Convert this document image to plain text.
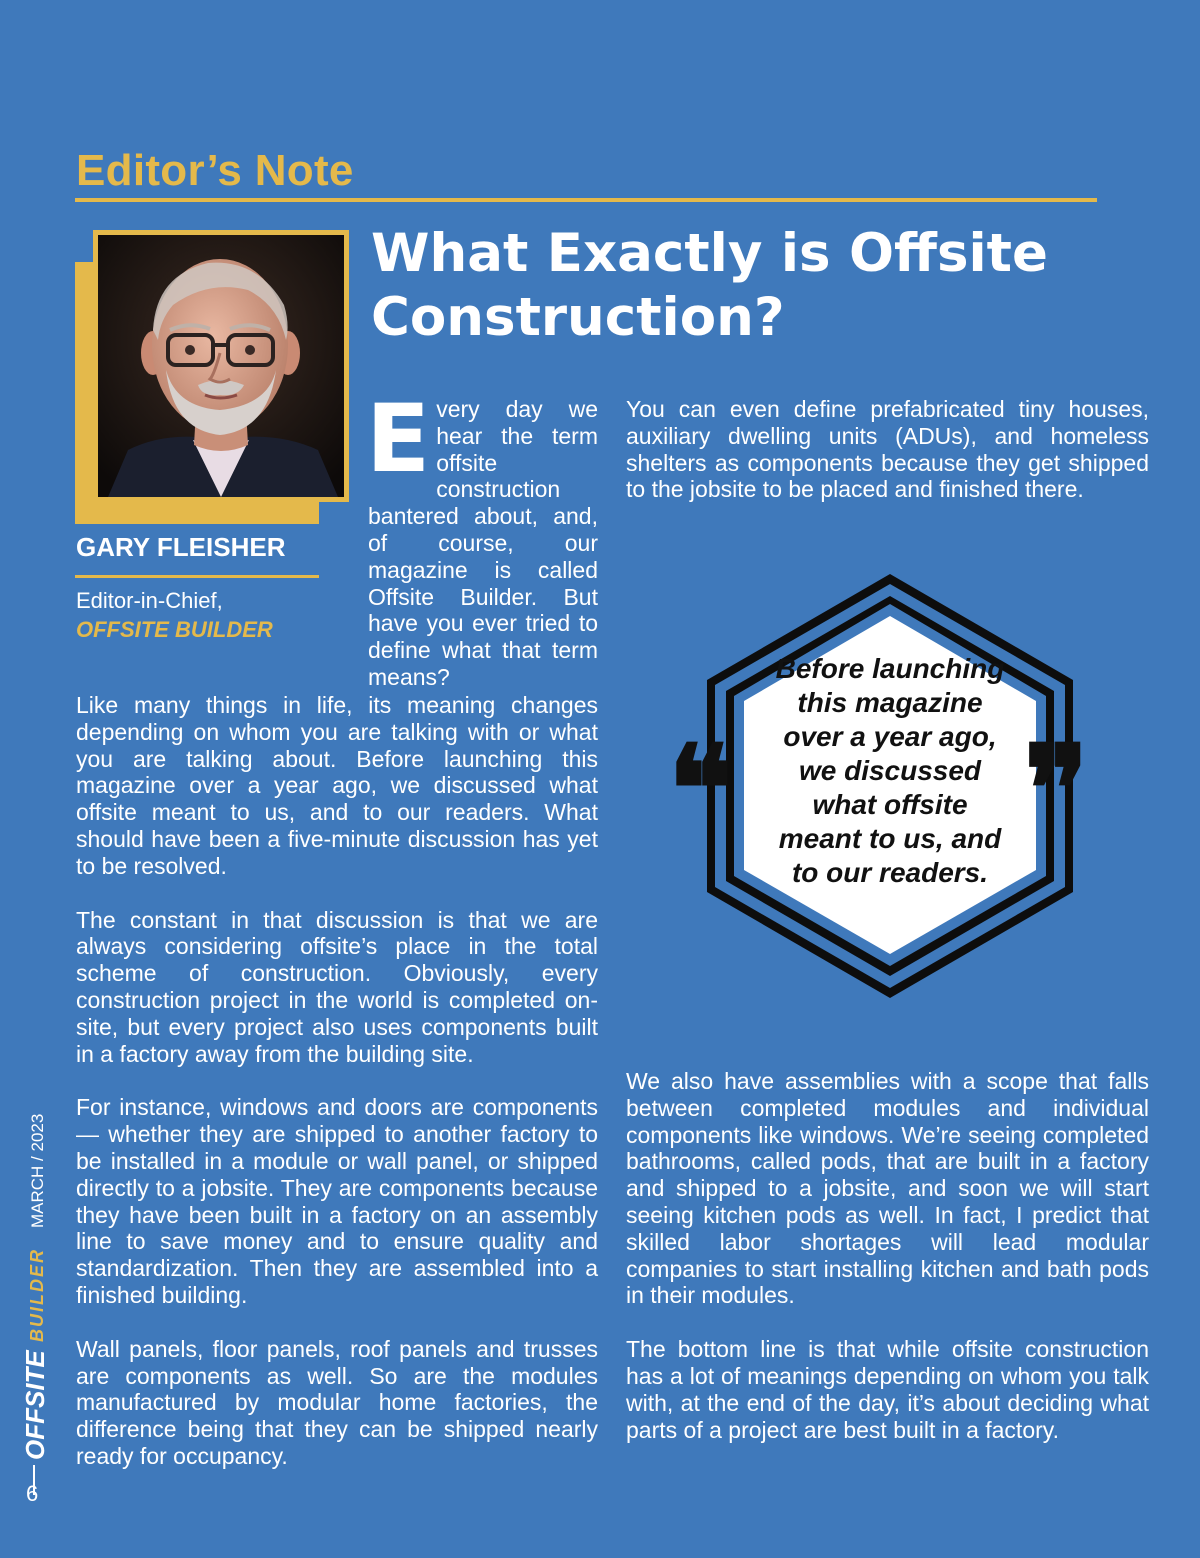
Editor’s Note
GARY FLEISHER
Editor-in-Chief,
OFFSITE BUILDER
What Exactly is Offsite
Construction?

Every day we hear the term offsite construction bantered about, and, of course, our magazine is called Offsite Builder. But have you ever tried to define what that term means?

Like many things in life, its meaning changes depending on whom you are talking with or what you are talking about. Before launching this magazine over a year ago, we discussed what offsite meant to us, and to our readers. What should have been a five-minute discussion has yet to be resolved.

The constant in that discussion is that we are always considering offsite’s place in the total scheme of construction. Obviously, every construction project in the world is completed on-site, but every project also uses components built in a factory away from the building site.

For instance, windows and doors are components — whether they are shipped to another factory to be installed in a module or wall panel, or shipped directly to a jobsite. They are components because they have been built in a factory on an assembly line to save money and to ensure quality and standardization. Then they are assembled into a finished building.

Wall panels, floor panels, roof panels and trusses are components as well. So are the modules manufactured by modular home factories, the difference being that they can be shipped nearly ready for occupancy.

You can even define prefabricated tiny houses, auxiliary dwelling units (ADUs), and homeless shelters as components because they get shipped to the jobsite to be placed and finished there.

❝ ❞
Before launching this magazine over a year ago, we discussed what offsite meant to us, and to our readers.

We also have assemblies with a scope that falls between completed modules and individual components like windows. We’re seeing completed bathrooms, called pods, that are built in a factory and shipped to a jobsite, and soon we will start seeing kitchen pods as well. In fact, I predict that skilled labor shortages will lead modular companies to start installing kitchen and bath pods in their modules.

The bottom line is that while offsite construction has a lot of meanings depending on whom you talk with, at the end of the day, it’s about deciding what parts of a project are best built in a factory.

OFFSITE
BUILDER
MARCH / 2023
6
